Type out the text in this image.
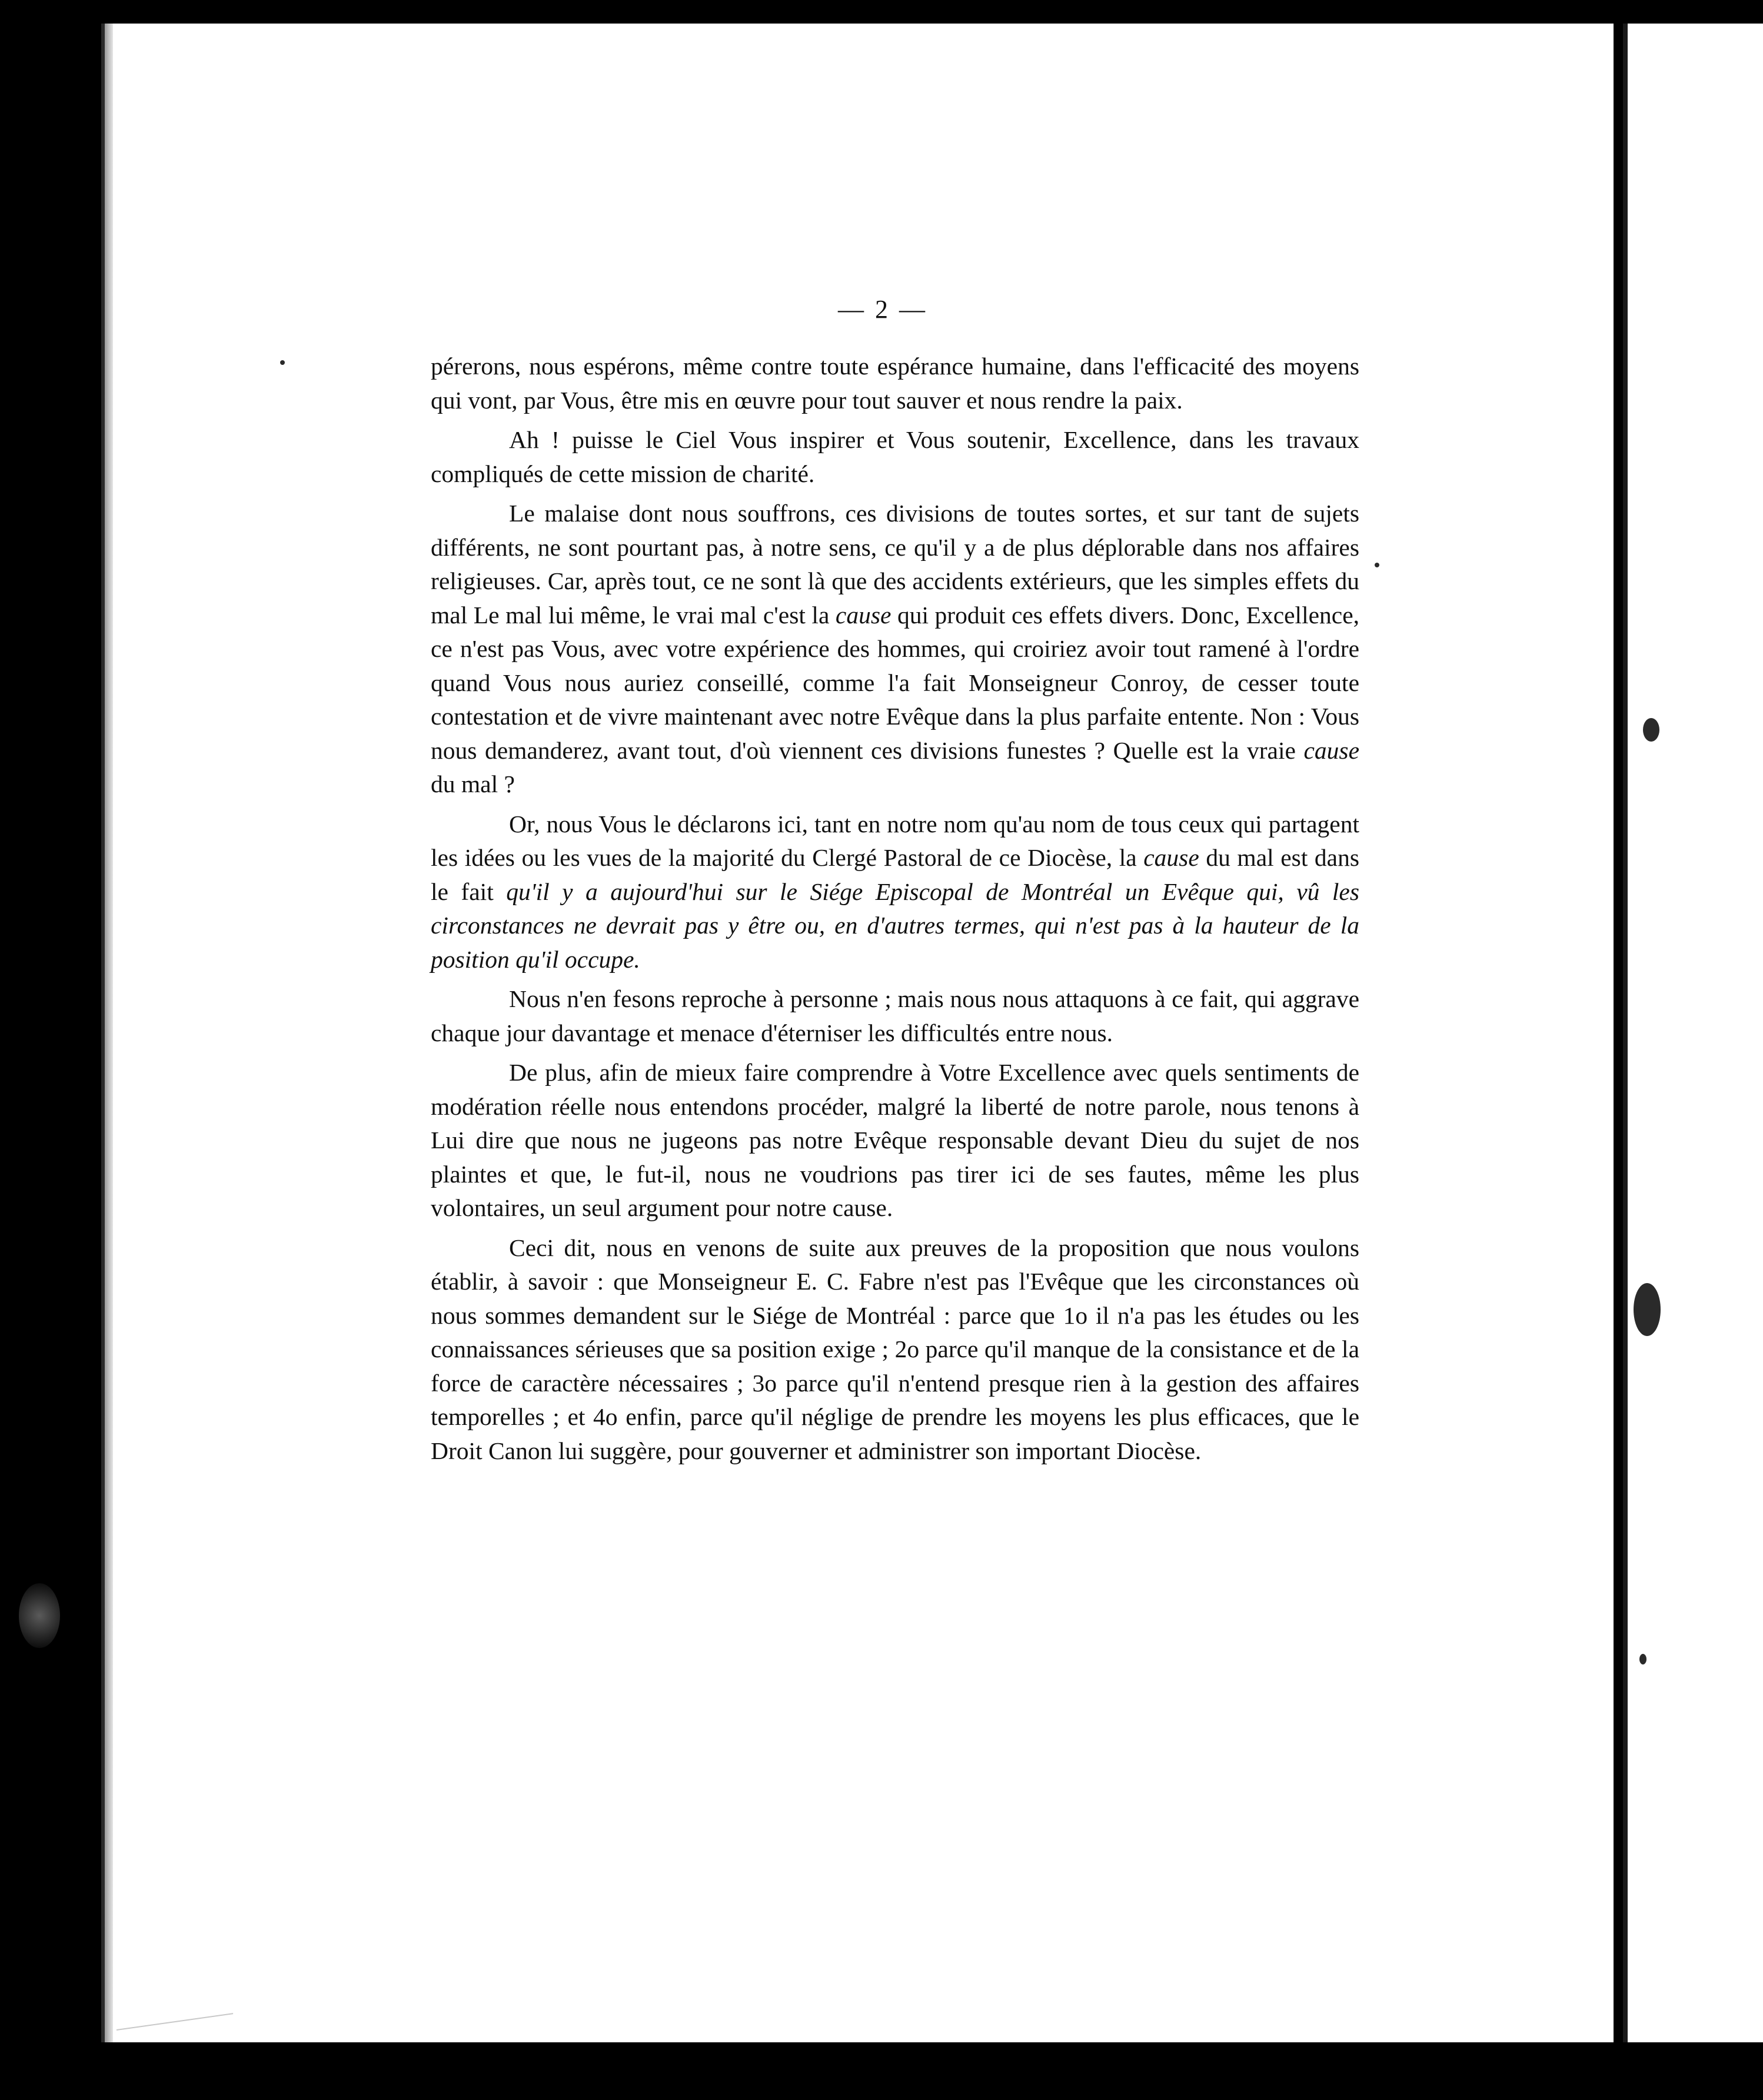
— 2 —

pérerons, nous espérons, même contre toute espérance humaine, dans l'efficacité des moyens qui vont, par Vous, être mis en œuvre pour tout sauver et nous rendre la paix.

Ah ! puisse le Ciel Vous inspirer et Vous soutenir, Excellence, dans les travaux compliqués de cette mission de charité.

Le malaise dont nous souffrons, ces divisions de toutes sortes, et sur tant de sujets différents, ne sont pourtant pas, à notre sens, ce qu'il y a de plus déplorable dans nos affaires religieuses. Car, après tout, ce ne sont là que des accidents extérieurs, que les simples effets du mal Le mal lui même, le vrai mal c'est la cause qui produit ces effets divers. Donc, Excellence, ce n'est pas Vous, avec votre expérience des hommes, qui croiriez avoir tout ramené à l'ordre quand Vous nous auriez conseillé, comme l'a fait Monseigneur Conroy, de cesser toute contestation et de vivre maintenant avec notre Evêque dans la plus parfaite entente. Non : Vous nous demanderez, avant tout, d'où viennent ces divisions funestes ? Quelle est la vraie cause du mal ?

Or, nous Vous le déclarons ici, tant en notre nom qu'au nom de tous ceux qui partagent les idées ou les vues de la majorité du Clergé Pastoral de ce Diocèse, la cause du mal est dans le fait qu'il y a aujourd'hui sur le Siége Episcopal de Montréal un Evêque qui, vû les circonstances ne devrait pas y être ou, en d'autres termes, qui n'est pas à la hauteur de la position qu'il occupe.

Nous n'en fesons reproche à personne ; mais nous nous attaquons à ce fait, qui aggrave chaque jour davantage et menace d'éterniser les difficultés entre nous.

De plus, afin de mieux faire comprendre à Votre Excellence avec quels sentiments de modération réelle nous entendons procéder, malgré la liberté de notre parole, nous tenons à Lui dire que nous ne jugeons pas notre Evêque responsable devant Dieu du sujet de nos plaintes et que, le fut-il, nous ne voudrions pas tirer ici de ses fautes, même les plus volontaires, un seul argument pour notre cause.

Ceci dit, nous en venons de suite aux preuves de la proposition que nous voulons établir, à savoir : que Monseigneur E. C. Fabre n'est pas l'Evêque que les circonstances où nous sommes demandent sur le Siége de Montréal : parce que 1o il n'a pas les études ou les connaissances sérieuses que sa position exige ; 2o parce qu'il manque de la consistance et de la force de caractère nécessaires ; 3o parce qu'il n'entend presque rien à la gestion des affaires temporelles ; et 4o enfin, parce qu'il néglige de prendre les moyens les plus efficaces, que le Droit Canon lui suggère, pour gouverner et administrer son important Diocèse.
